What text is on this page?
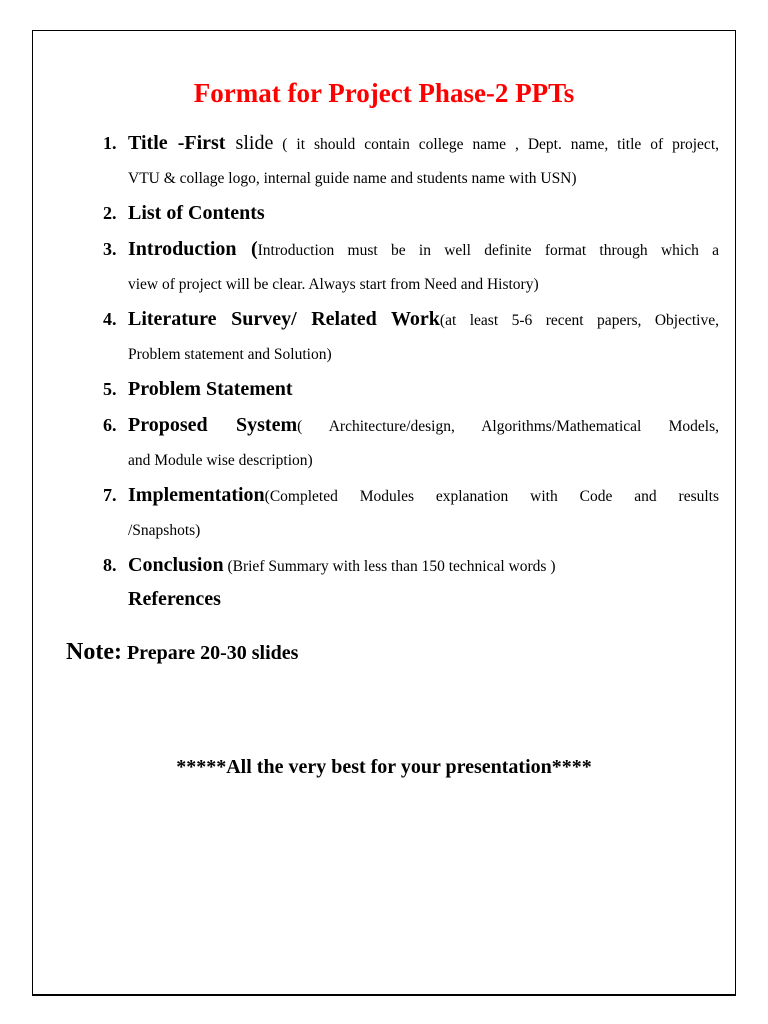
Format for Project Phase-2 PPTs
1. Title -First slide ( it should contain college name , Dept. name, title of project,
VTU & collage logo, internal guide name and students name with USN)
2. List of Contents
3. Introduction (Introduction must be in well definite format through which a
view of project will be clear. Always start from Need and History)
4. Literature Survey/ Related Work(at least 5-6 recent papers, Objective,
Problem statement and Solution)
5. Problem Statement
6. Proposed System( Architecture/design, Algorithms/Mathematical Models,
and Module wise description)
7. Implementation(Completed Modules explanation with Code and results
/Snapshots)
8. Conclusion (Brief Summary with less than 150 technical words )

References

Note: Prepare 20-30 slides

*****All the very best for your presentation****
